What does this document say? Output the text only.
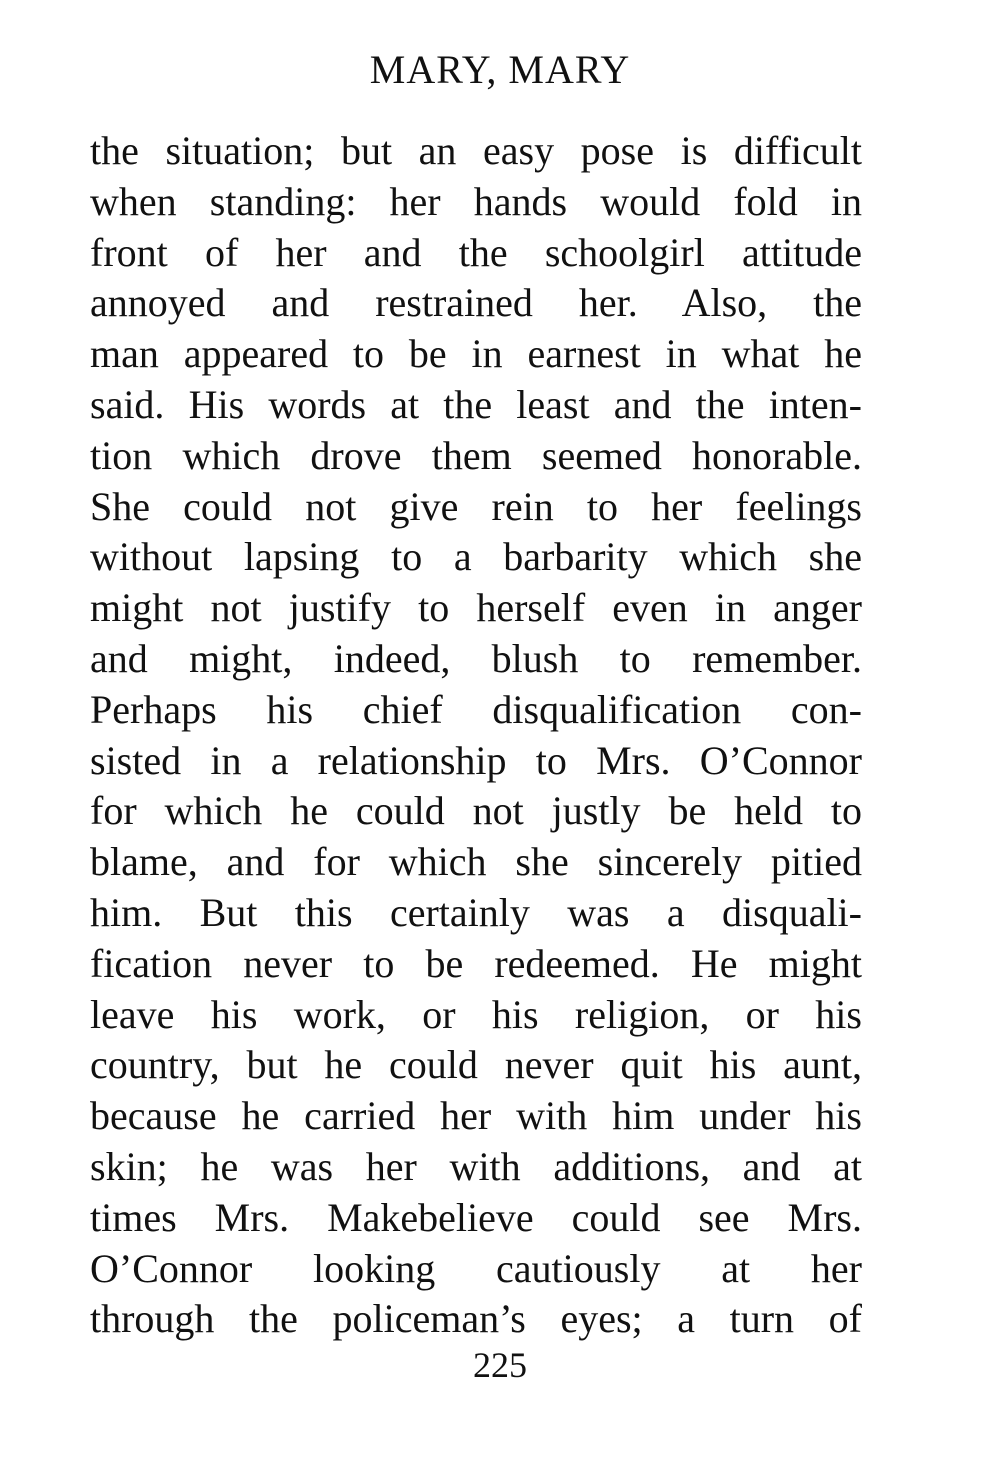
MARY, MARY
the situation; but an easy pose is difficult
when standing: her hands would fold in
front of her and the schoolgirl attitude
annoyed and restrained her. Also, the
man appeared to be in earnest in what he
said. His words at the least and the inten-
tion which drove them seemed honorable.
She could not give rein to her feelings
without lapsing to a barbarity which she
might not justify to herself even in anger
and might, indeed, blush to remember.
Perhaps his chief disqualification con-
sisted in a relationship to Mrs. O’Connor
for which he could not justly be held to
blame, and for which she sincerely pitied
him. But this certainly was a disquali-
fication never to be redeemed. He might
leave his work, or his religion, or his
country, but he could never quit his aunt,
because he carried her with him under his
skin; he was her with additions, and at
times Mrs. Makebelieve could see Mrs.
O’Connor looking cautiously at her
through the policeman’s eyes; a turn of
225
